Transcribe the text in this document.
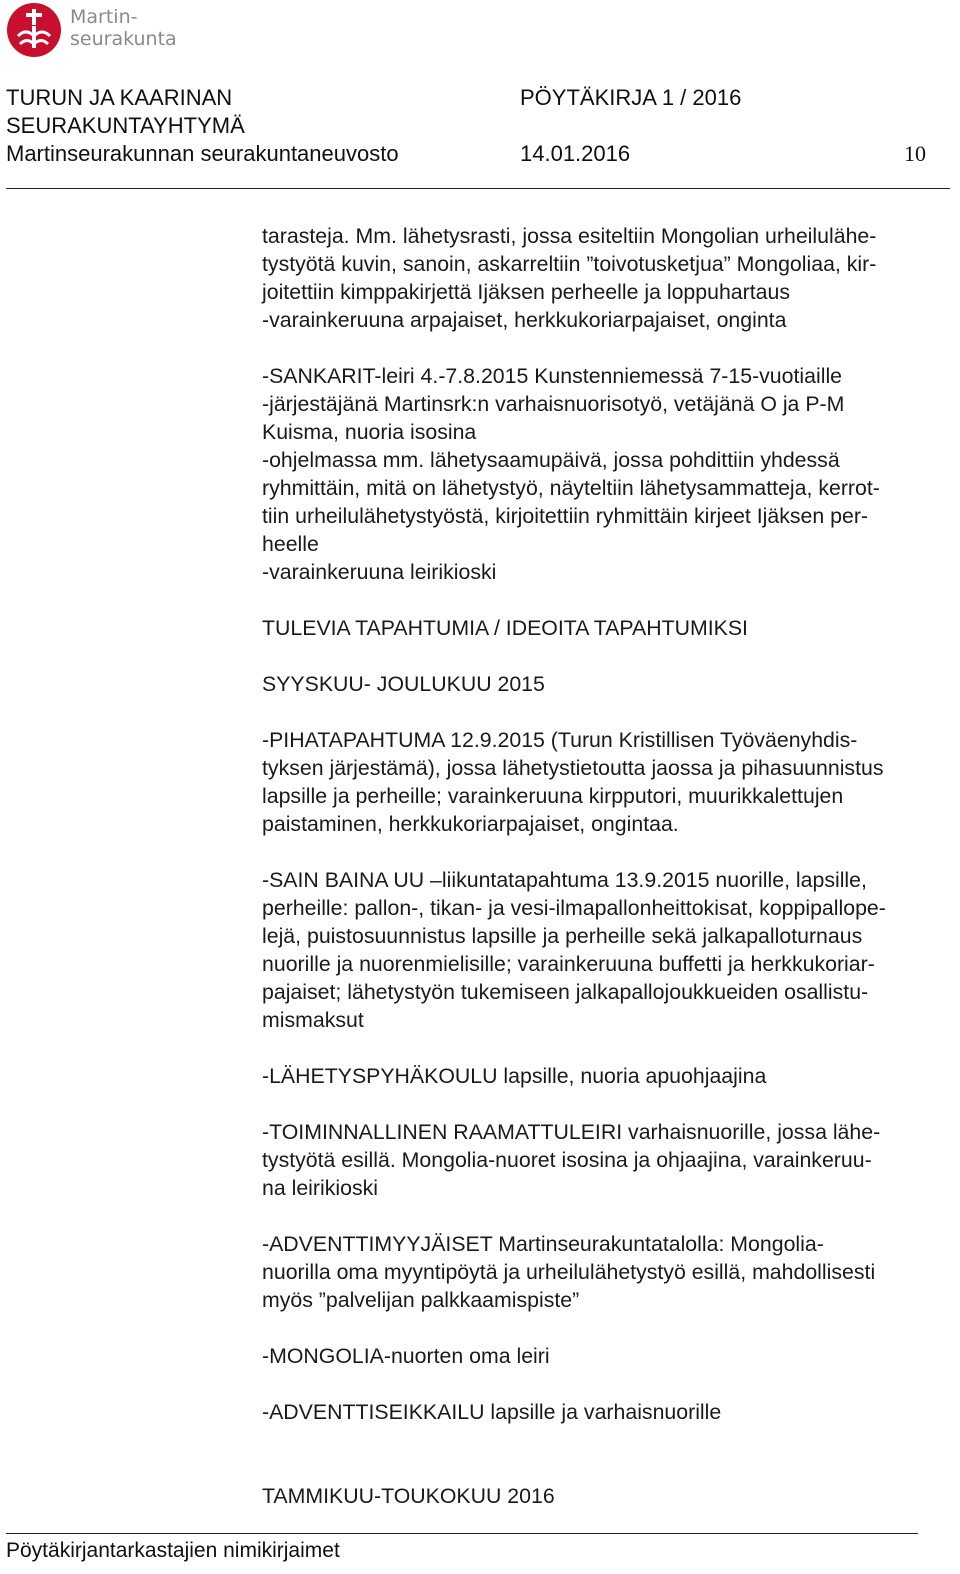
Martin-
seurakunta
TURUN JA KAARINAN
SEURAKUNTAYHTYMÄ
Martinseurakunnan seurakuntaneuvosto
PÖYTÄKIRJA 1 / 2016
14.01.2016	10

tarasteja. Mm. lähetysrasti, jossa esiteltiin Mongolian urheilulähe-

tystyötä kuvin, sanoin, askarreltiin ”toivotusketjua” Mongoliaa, kir-

joitettiin kimppakirjettä Ijäksen perheelle ja loppuhartaus

-varainkeruuna arpajaiset, herkkukoriarpajaiset, onginta

-SANKARIT-leiri 4.-7.8.2015 Kunstenniemessä 7-15-vuotiaille

-järjestäjänä Martinsrk:n varhaisnuorisotyö, vetäjänä O ja P-M

Kuisma, nuoria isosina

-ohjelmassa mm. lähetysaamupäivä, jossa pohdittiin yhdessä

ryhmittäin, mitä on lähetystyö, näyteltiin lähetysammatteja, kerrot-

tiin urheilulähetystyöstä, kirjoitettiin ryhmittäin kirjeet Ijäksen per-

heelle

-varainkeruuna leirikioski

TULEVIA TAPAHTUMIA / IDEOITA TAPAHTUMIKSI

SYYSKUU- JOULUKUU 2015

-PIHATAPAHTUMA 12.9.2015 (Turun Kristillisen Työväenyhdis-

tyksen järjestämä), jossa lähetystietoutta jaossa ja pihasuunnistus

lapsille ja perheille; varainkeruuna kirpputori, muurikkalettujen

paistaminen, herkkukoriarpajaiset, ongintaa.

-SAIN BAINA UU –liikuntatapahtuma 13.9.2015 nuorille, lapsille,

perheille: pallon-, tikan- ja vesi-ilmapallonheittokisat, koppipallope-

lejä, puistosuunnistus lapsille ja perheille sekä jalkapalloturnaus

nuorille ja nuorenmielisille; varainkeruuna buffetti ja herkkukoriar-

pajaiset; lähetystyön tukemiseen jalkapallojoukkueiden osallistu-

mismaksut

-LÄHETYSPYHÄKOULU lapsille, nuoria apuohjaajina

-TOIMINNALLINEN RAAMATTULEIRI varhaisnuorille, jossa lähe-

tystyötä esillä. Mongolia-nuoret isosina ja ohjaajina, varainkeruu-

na leirikioski

-ADVENTTIMYYJÄISET Martinseurakuntatalolla: Mongolia-

nuorilla oma myyntipöytä ja urheilulähetystyö esillä, mahdollisesti

myös ”palvelijan palkkaamispiste”

-MONGOLIA-nuorten oma leiri

-ADVENTTISEIKKAILU lapsille ja varhaisnuorille

TAMMIKUU-TOUKOKUU 2016

Pöytäkirjantarkastajien nimikirjaimet
